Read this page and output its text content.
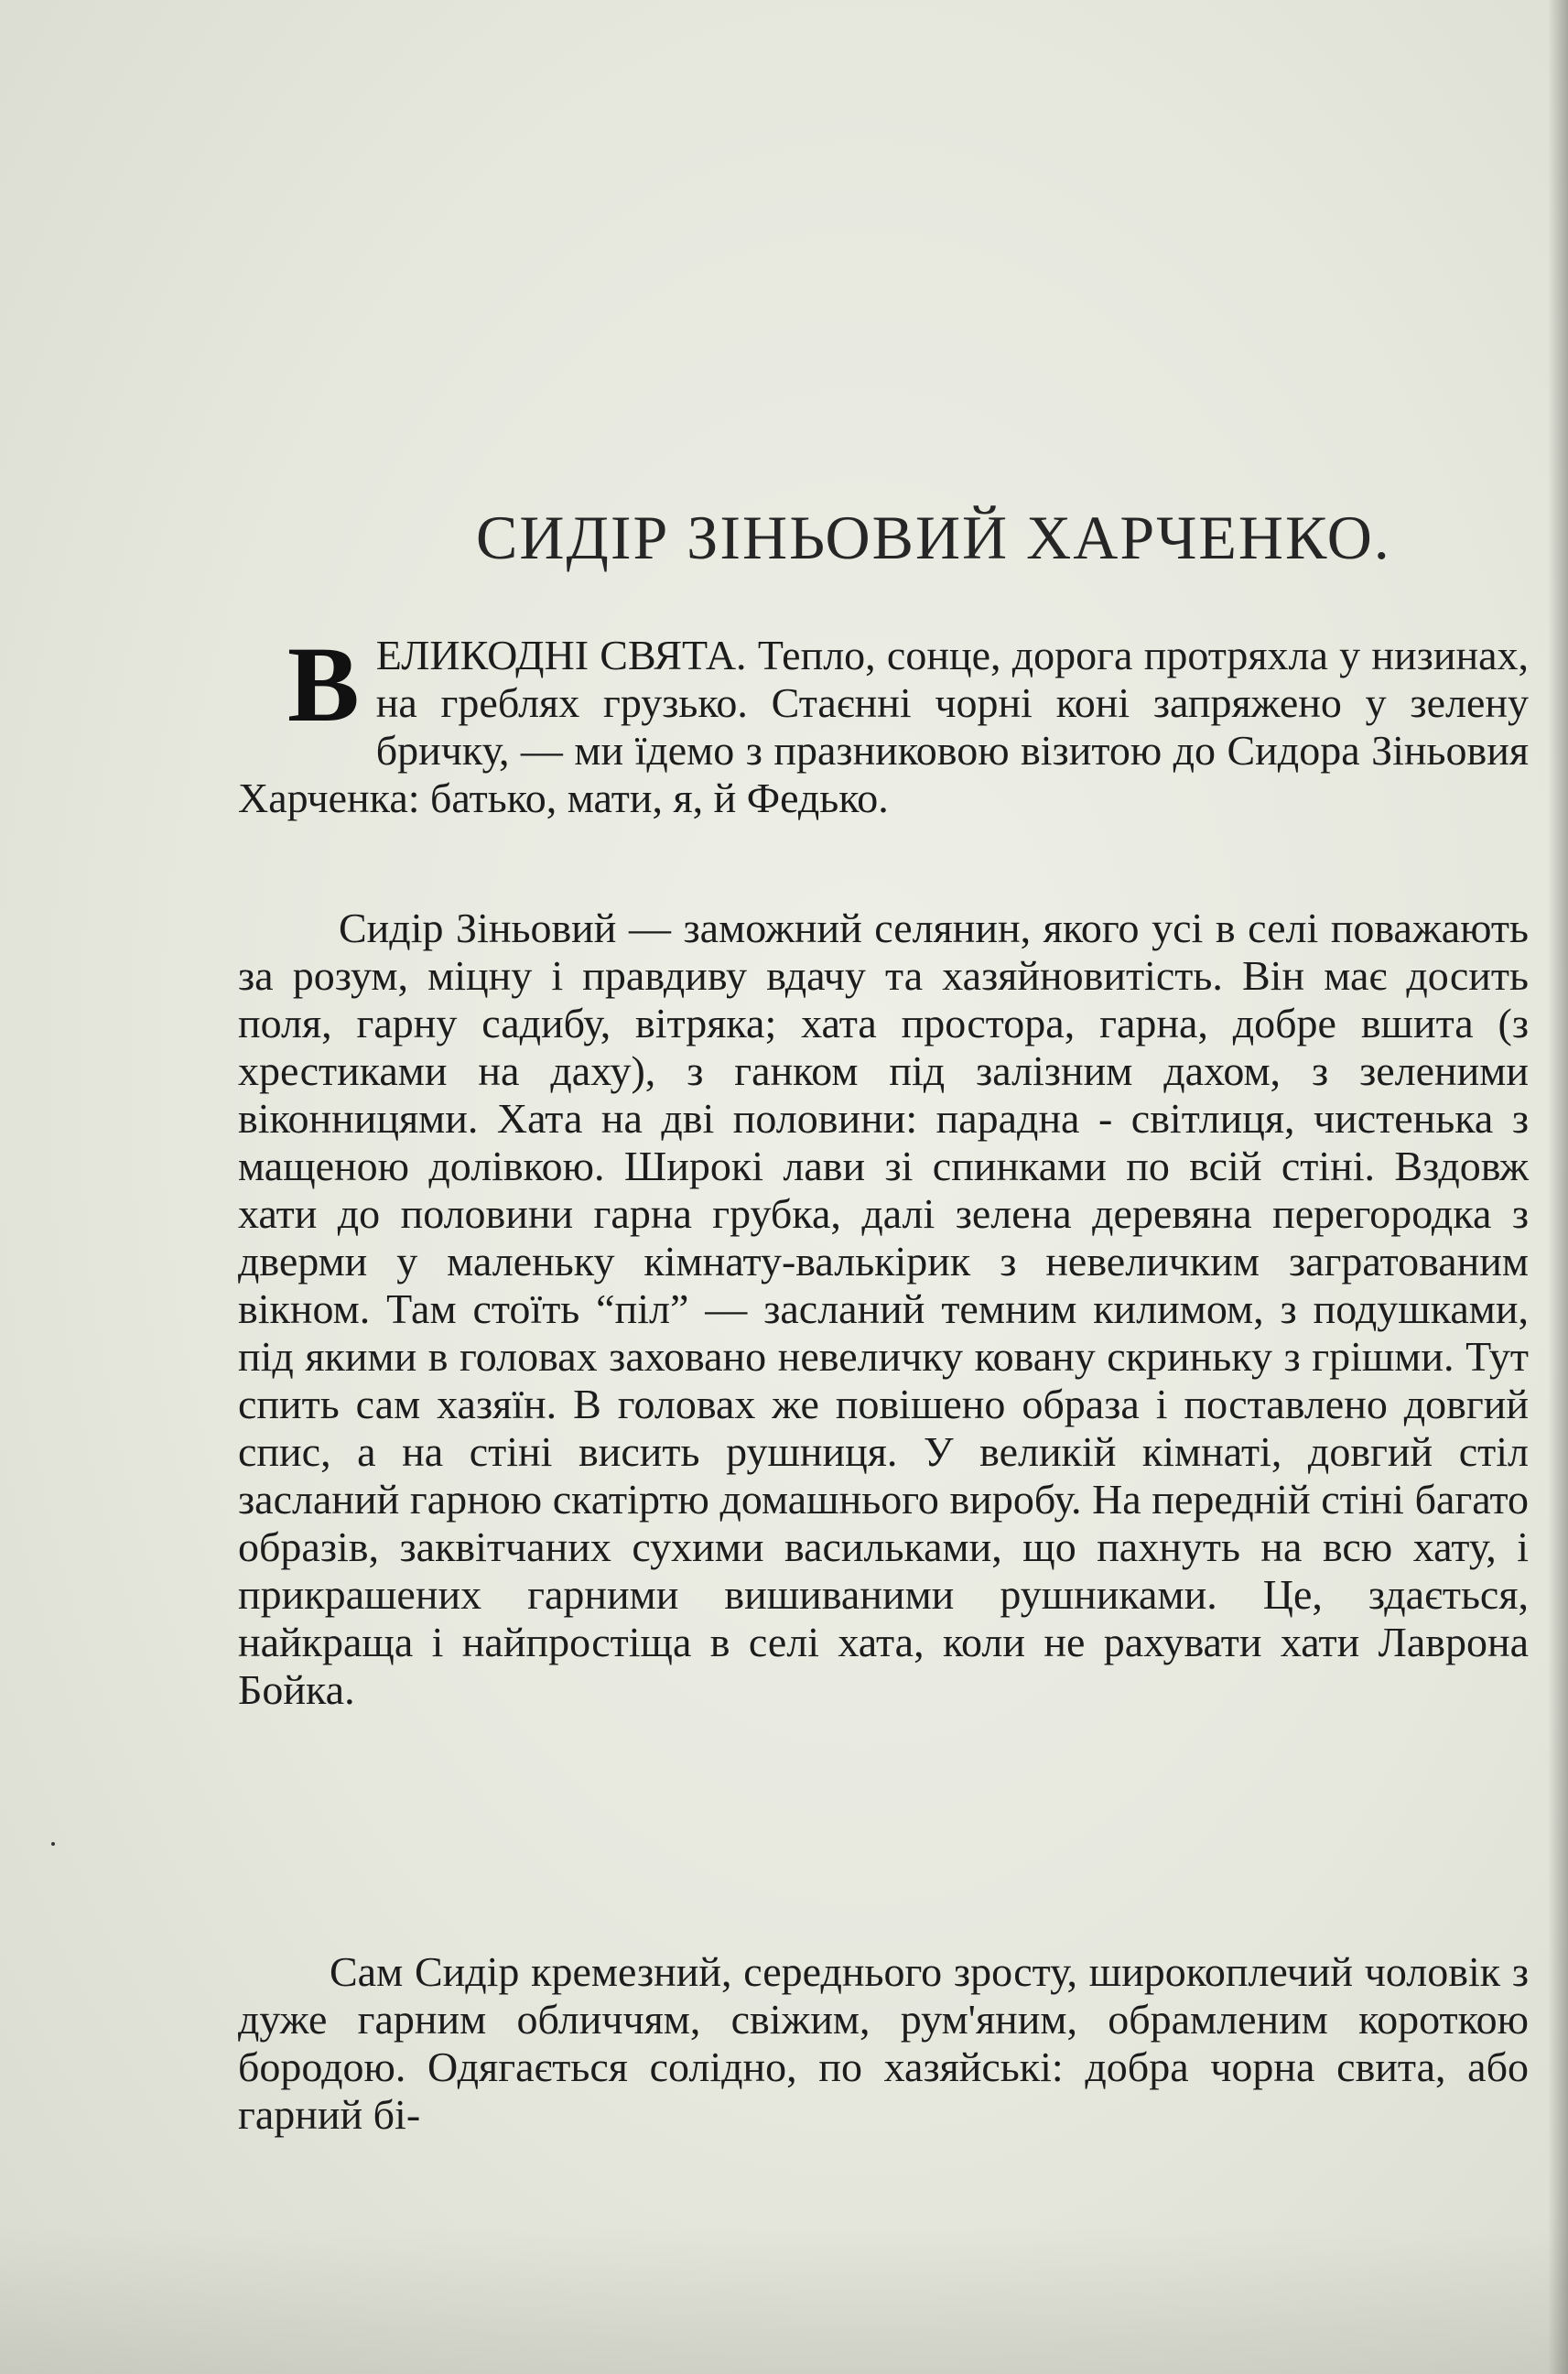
СИДІР ЗІНЬОВИЙ ХАРЧЕНКО.

ВЕЛИКОДНІ СВЯТА. Тепло, сонце, дорога протряхла у низинах, на греблях грузько. Стаєнні чорні коні запряжено у зелену бричку, — ми їдемо з празниковою візитою до Сидора Зіньовия Харченка: батько, мати, я, й Федько.

Сидір Зіньовий — заможний селянин, якого усі в селі поважають за розум, міцну і правдиву вдачу та хазяйновитість. Він має досить поля, гарну садибу, вітряка; хата простора, гарна, добре вшита (з хрестиками на даху), з ганком під залізним дахом, з зеленими віконницями. Хата на дві половини: парадна - світлиця, чистенька з мащеною долівкою. Широкі лави зі спинками по всій стіні. Вздовж хати до половини гарна грубка, далі зелена деревяна перегородка з дверми у маленьку кімнату-валькірик з невеличким загратованим вікном. Там стоїть “піл” — засланий темним килимом, з подушками, під якими в головах заховано невеличку ковану скриньку з грішми. Тут спить сам хазяїн. В головах же повішено образа і поставлено довгий спис, а на стіні висить рушниця. У великій кімнаті, довгий стіл засланий гарною скатіртю домашнього виробу. На передній стіні багато образів, заквітчаних сухими васильками, що пахнуть на всю хату, і прикрашених гарними вишиваними рушниками. Це, здається, найкраща і найпростіща в селі хата, коли не рахувати хати Лаврона Бойка.

Сам Сидір кремезний, середнього зросту, широкоплечий чоловік з дуже гарним обличчям, свіжим, рум'яним, обрамленим короткою бородою. Одягається солідно, по хазяйські: добра чорна свита, або гарний бі-
